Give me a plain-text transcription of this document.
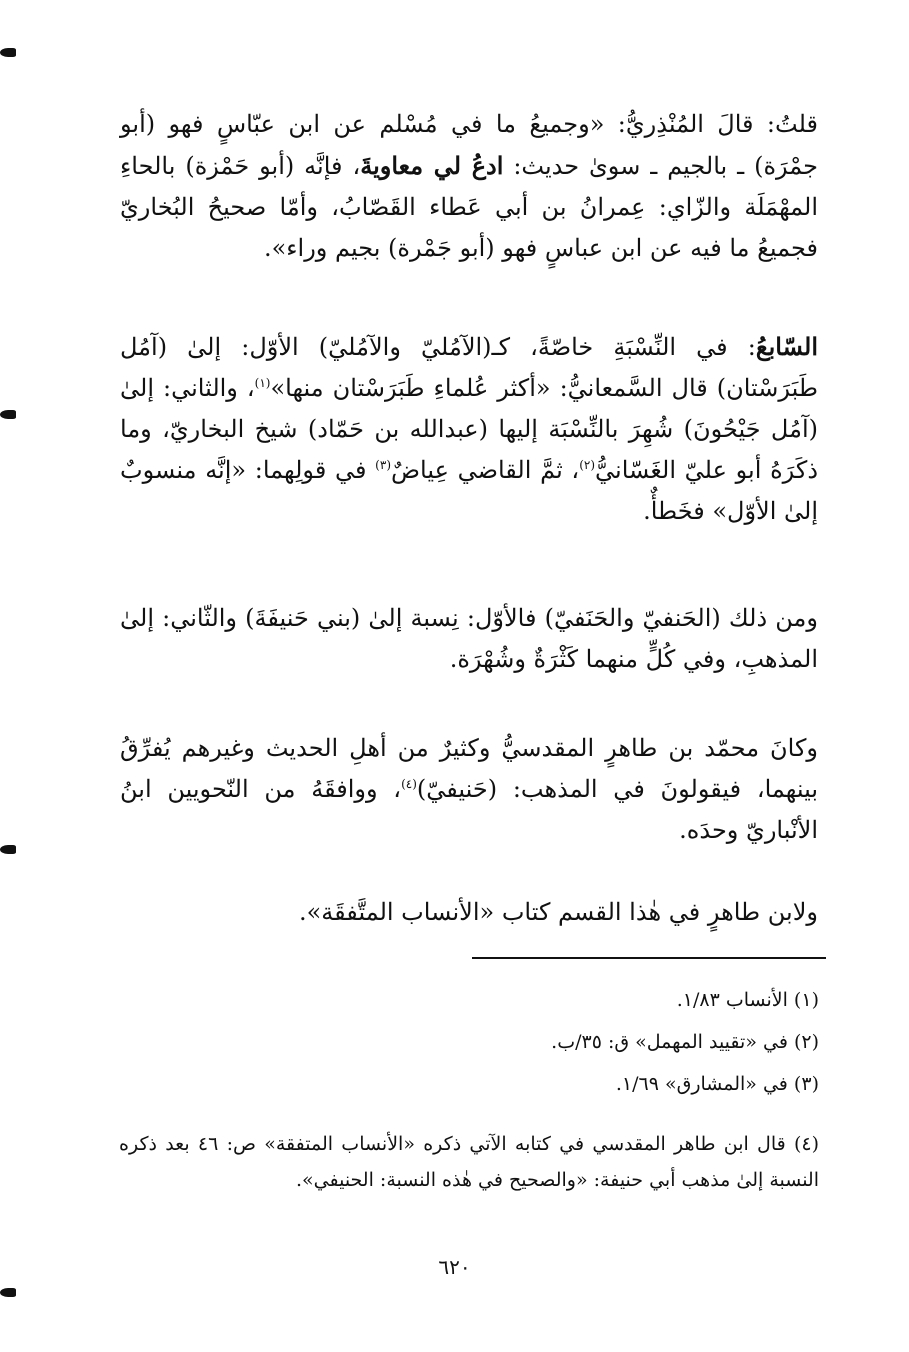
قلتُ: قالَ المُنْذِريُّ: «وجميعُ ما في مُسْلم عن ابن عبّاسٍ فهو (أبو جمْرَة) ـ بالجيم ـ سوىٰ حديث: ادعُ لي معاويةَ، فإنَّه (أبو حَمْزة) بالحاءِ المهْمَلَة والزّاي: عِمرانُ بن أبي عَطاء القَصّابُ، وأمّا صحيحُ البُخاريّ فجميعُ ما فيه عن ابن عباسٍ فهو (أبو جَمْرة) بجيم وراء».

السّابعُ: في النِّسْبَةِ خاصّةً، كـ(الآمُليّ والآمُليّ) الأوّل: إلىٰ (آمُل طَبَرَسْتان) قال السَّمعانيُّ: «أكثر عُلماءِ طَبَرَسْتان منها»$^{(١)}$، والثاني: إلىٰ (آمُل جَيْحُونَ) شُهِرَ بالنِّسْبَة إليها (عبدالله بن حَمّاد) شيخ البخاريّ، وما ذكَرَهُ أبو عليّ الغَسّانيُّ$^{(٢)}$، ثمَّ القاضي عِياضٌ$^{(٣)}$ في قولِهما: «إنَّه منسوبٌ إلىٰ الأوّل» فخَطأٌ.

ومن ذلك (الحَنفيّ والحَنَفيّ) فالأوّل: نِسبة إلىٰ (بني حَنيفَةَ) والثّاني: إلىٰ المذهبِ، وفي كُلٍّ منهما كَثْرَةٌ وشُهْرَة.

وكانَ محمّد بن طاهرٍ المقدسيُّ وكثيرٌ من أهلِ الحديث وغيرهم يُفرِّقُ بينهما، فيقولونَ في المذهب: (حَنيفيّ)$^{(٤)}$، ووافقَهُ من النّحويين ابنُ الأنْباريّ وحدَه.

ولابن طاهرٍ في هٰذا القسم كتاب «الأنساب المتَّفقَة».

(١) الأنساب ١/٨٣.
(٢) في «تقييد المهمل» ق: ٣٥/ب.
(٣) في «المشارق» ١/٦٩.
(٤) قال ابن طاهر المقدسي في كتابه الآتي ذكره «الأنساب المتفقة» ص: ٤٦ بعد ذكره النسبة إلىٰ مذهب أبي حنيفة: «والصحيح في هٰذه النسبة: الحنيفي».
٦٢٠
